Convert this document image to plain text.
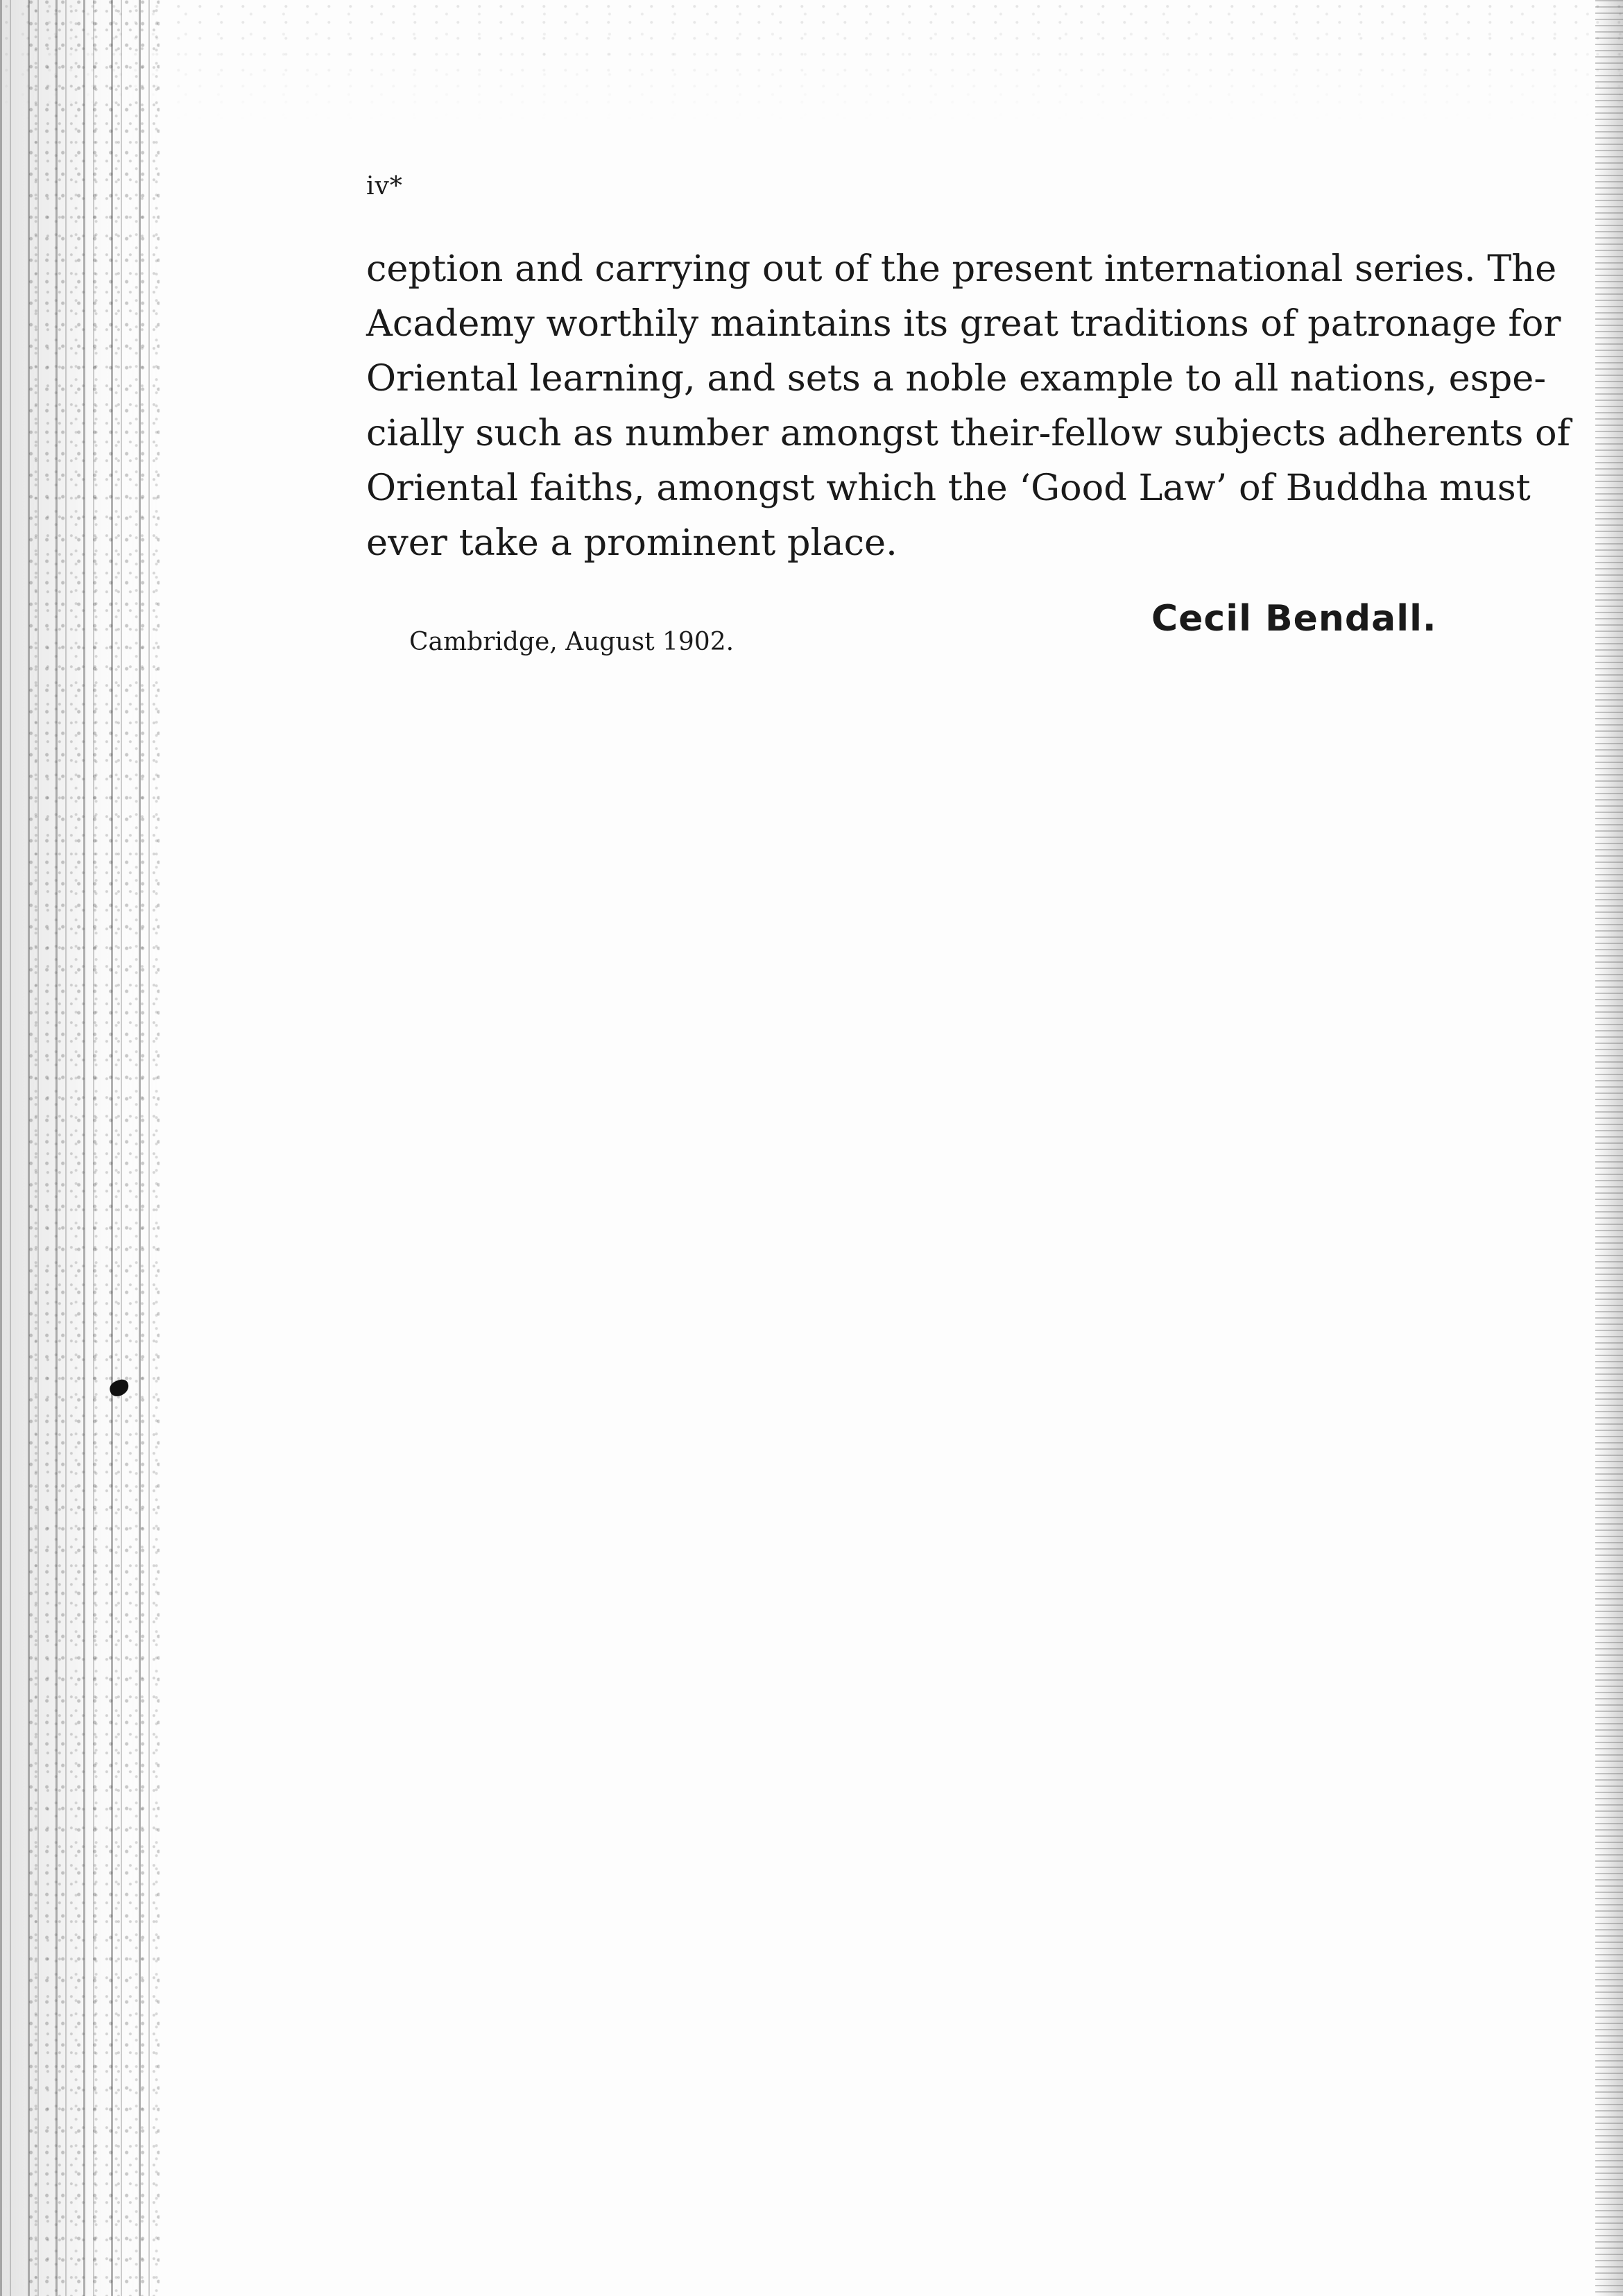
iv*
ception and carrying out of the present international series. The
Academy worthily maintains its great traditions of patronage for
Oriental learning, and sets a noble example to all nations, espe-
cially such as number amongst their-fellow subjects adherents of
Oriental faiths, amongst which the ‘Good Law’ of Buddha must
ever take a prominent place.
Cambridge, August 1902.
Cecil Bendall.
